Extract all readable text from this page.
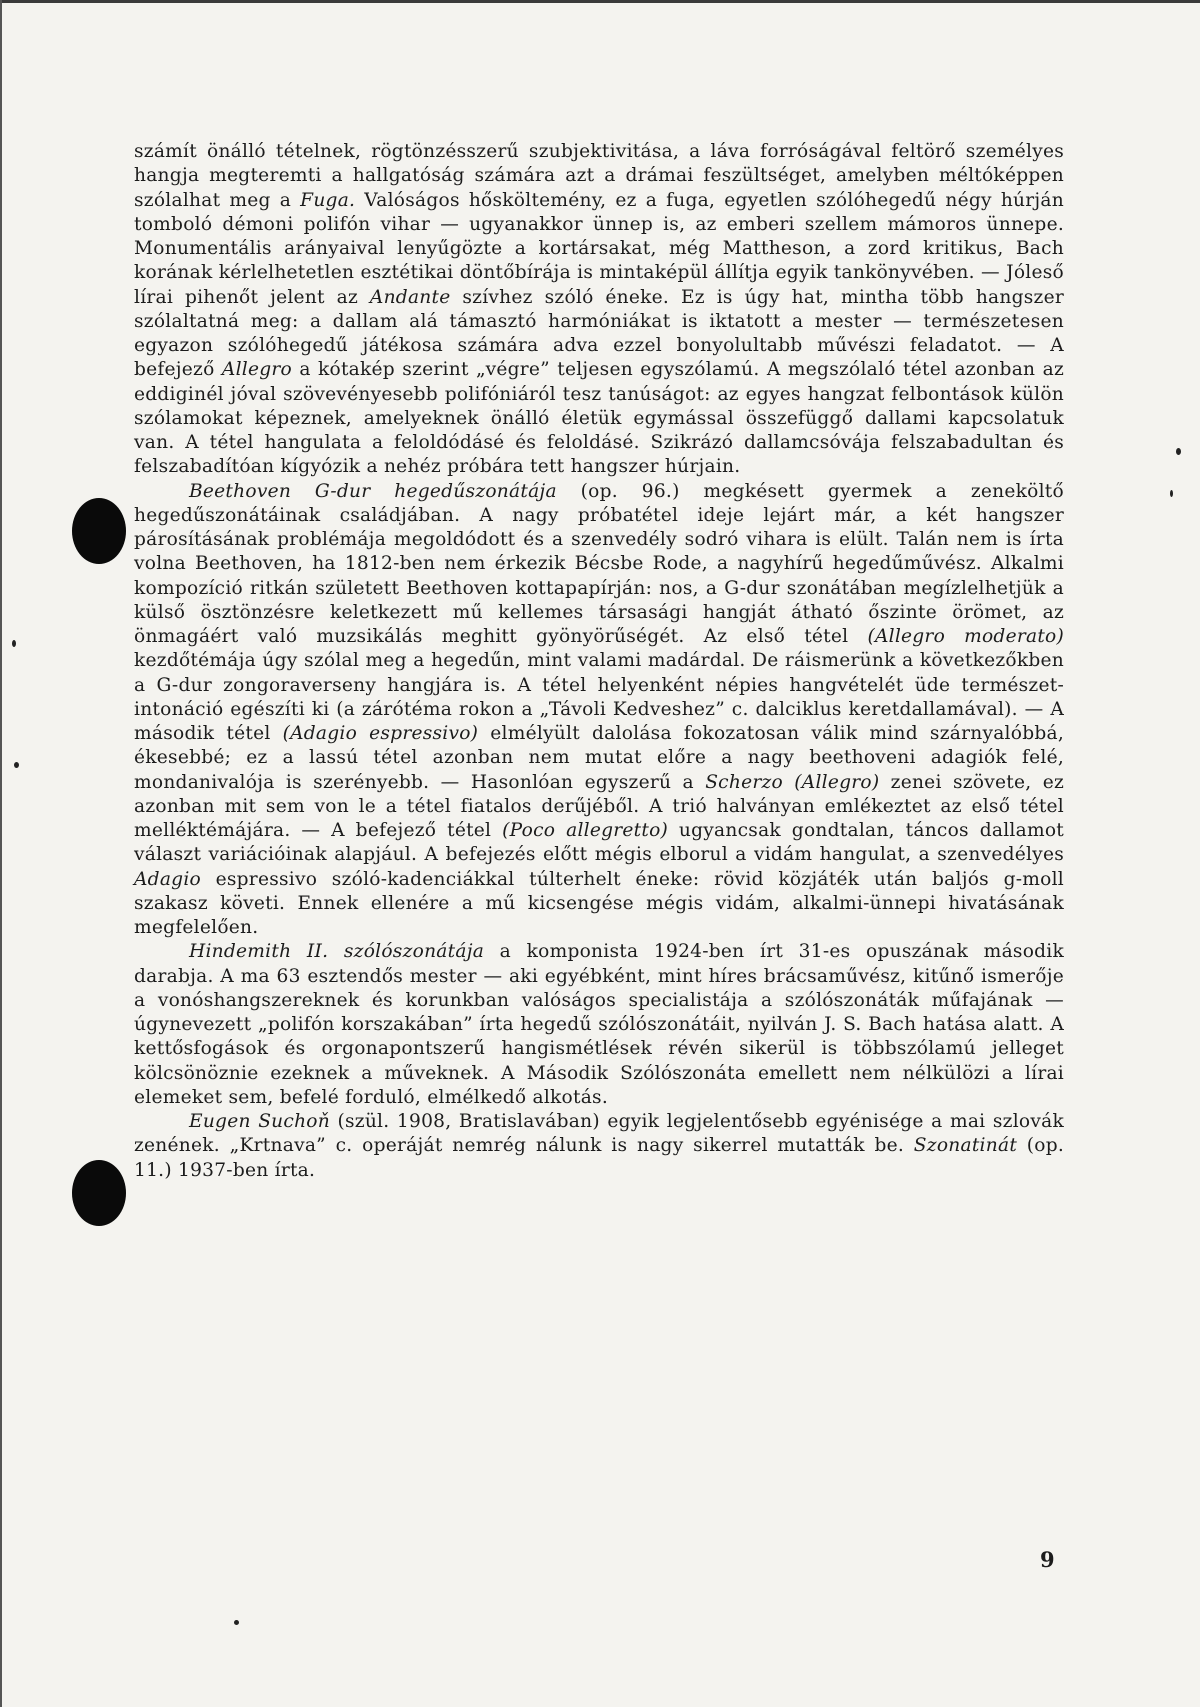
számít önálló tételnek, rögtönzésszerű szubjektivitása, a láva forróságával feltörő személyes hangja megteremti a hallgatóság számára azt a drámai feszültséget, amelyben méltóképpen szólalhat meg a Fuga. Valóságos hősköltemény, ez a fuga, egyetlen szólóhegedű négy húrján tomboló démoni polifón vihar — ugyanakkor ünnep is, az emberi szellem mámoros ünnepe. Monumentális arányaival lenyűgözte a kortársakat, még Mattheson, a zord kritikus, Bach korának kérlelhetetlen esztétikai döntőbírája is mintaképül állítja egyik tankönyvében. — Jóleső lírai pihenőt jelent az Andante szívhez szóló éneke. Ez is úgy hat, mintha több hangszer szólaltatná meg: a dallam alá támasztó harmóniákat is iktatott a mester — természetesen egyazon szólóhegedű játékosa számára adva ezzel bonyolultabb művészi feladatot. — A befejező Allegro a kótakép szerint „végre” teljesen egyszólamú. A megszólaló tétel azonban az eddiginél jóval szövevényesebb polifóniáról tesz tanúságot: az egyes hangzat felbontások külön szólamokat képeznek, amelyeknek önálló életük egymással összefüggő dallami kapcsolatuk van. A tétel hangulata a feloldódásé és feloldásé. Szikrázó dallamcsóvája felszabadultan és felszabadítóan kígyózik a nehéz próbára tett hangszer húrjain.

Beethoven G-dur hegedűszonátája (op. 96.) megkésett gyermek a zeneköltő hegedűszonátáinak családjában. A nagy próbatétel ideje lejárt már, a két hangszer párosításának problémája megoldódott és a szenvedély sodró vihara is elült. Talán nem is írta volna Beethoven, ha 1812-ben nem érkezik Bécsbe Rode, a nagyhírű hegedűművész. Alkalmi kompozíció ritkán született Beethoven kottapapírján: nos, a G-dur szonátában megízlelhetjük a külső ösztönzésre keletkezett mű kellemes társasági hangját átható őszinte örömet, az önmagáért való muzsikálás meghitt gyönyörűségét. Az első tétel (Allegro moderato) kezdőtémája úgy szólal meg a hegedűn, mint valami madárdal. De ráismerünk a következőkben a G-dur zongoraverseny hangjára is. A tétel helyenként népies hangvételét üde természet-intonáció egészíti ki (a zárótéma rokon a „Távoli Kedveshez” c. dalciklus keretdallamával). — A második tétel (Adagio espressivo) elmélyült dalolása fokozatosan válik mind szárnyalóbbá, ékesebbé; ez a lassú tétel azonban nem mutat előre a nagy beethoveni adagiók felé, mondanivalója is szerényebb. — Hasonlóan egyszerű a Scherzo (Allegro) zenei szövete, ez azonban mit sem von le a tétel fiatalos derűjéből. A trió halványan emlékeztet az első tétel melléktémájára. — A befejező tétel (Poco allegretto) ugyancsak gondtalan, táncos dallamot választ variációinak alapjául. A befejezés előtt mégis elborul a vidám hangulat, a szenvedélyes Adagio espressivo szóló-kadenciákkal túlterhelt éneke: rövid közjáték után baljós g-moll szakasz követi. Ennek ellenére a mű kicsengése mégis vidám, alkalmi-ünnepi hivatásának megfelelően.

Hindemith II. szólószonátája a komponista 1924-ben írt 31-es opuszának második darabja. A ma 63 esztendős mester — aki egyébként, mint híres brácsaművész, kitűnő ismerője a vonóshangszereknek és korunkban valóságos specialistája a szólószonáták műfajának — úgynevezett „polifón korszakában” írta hegedű szólószonátáit, nyilván J. S. Bach hatása alatt. A kettősfogások és orgonapontszerű hangismétlések révén sikerül is többszólamú jelleget kölcsönöznie ezeknek a műveknek. A Második Szólószonáta emellett nem nélkülözi a lírai elemeket sem, befelé forduló, elmélkedő alkotás.

Eugen Suchoň (szül. 1908, Bratislavában) egyik legjelentősebb egyénisége a mai szlovák zenének. „Krtnava” c. operáját nemrég nálunk is nagy sikerrel mutatták be. Szonatinát (op. 11.) 1937-ben írta.

9
